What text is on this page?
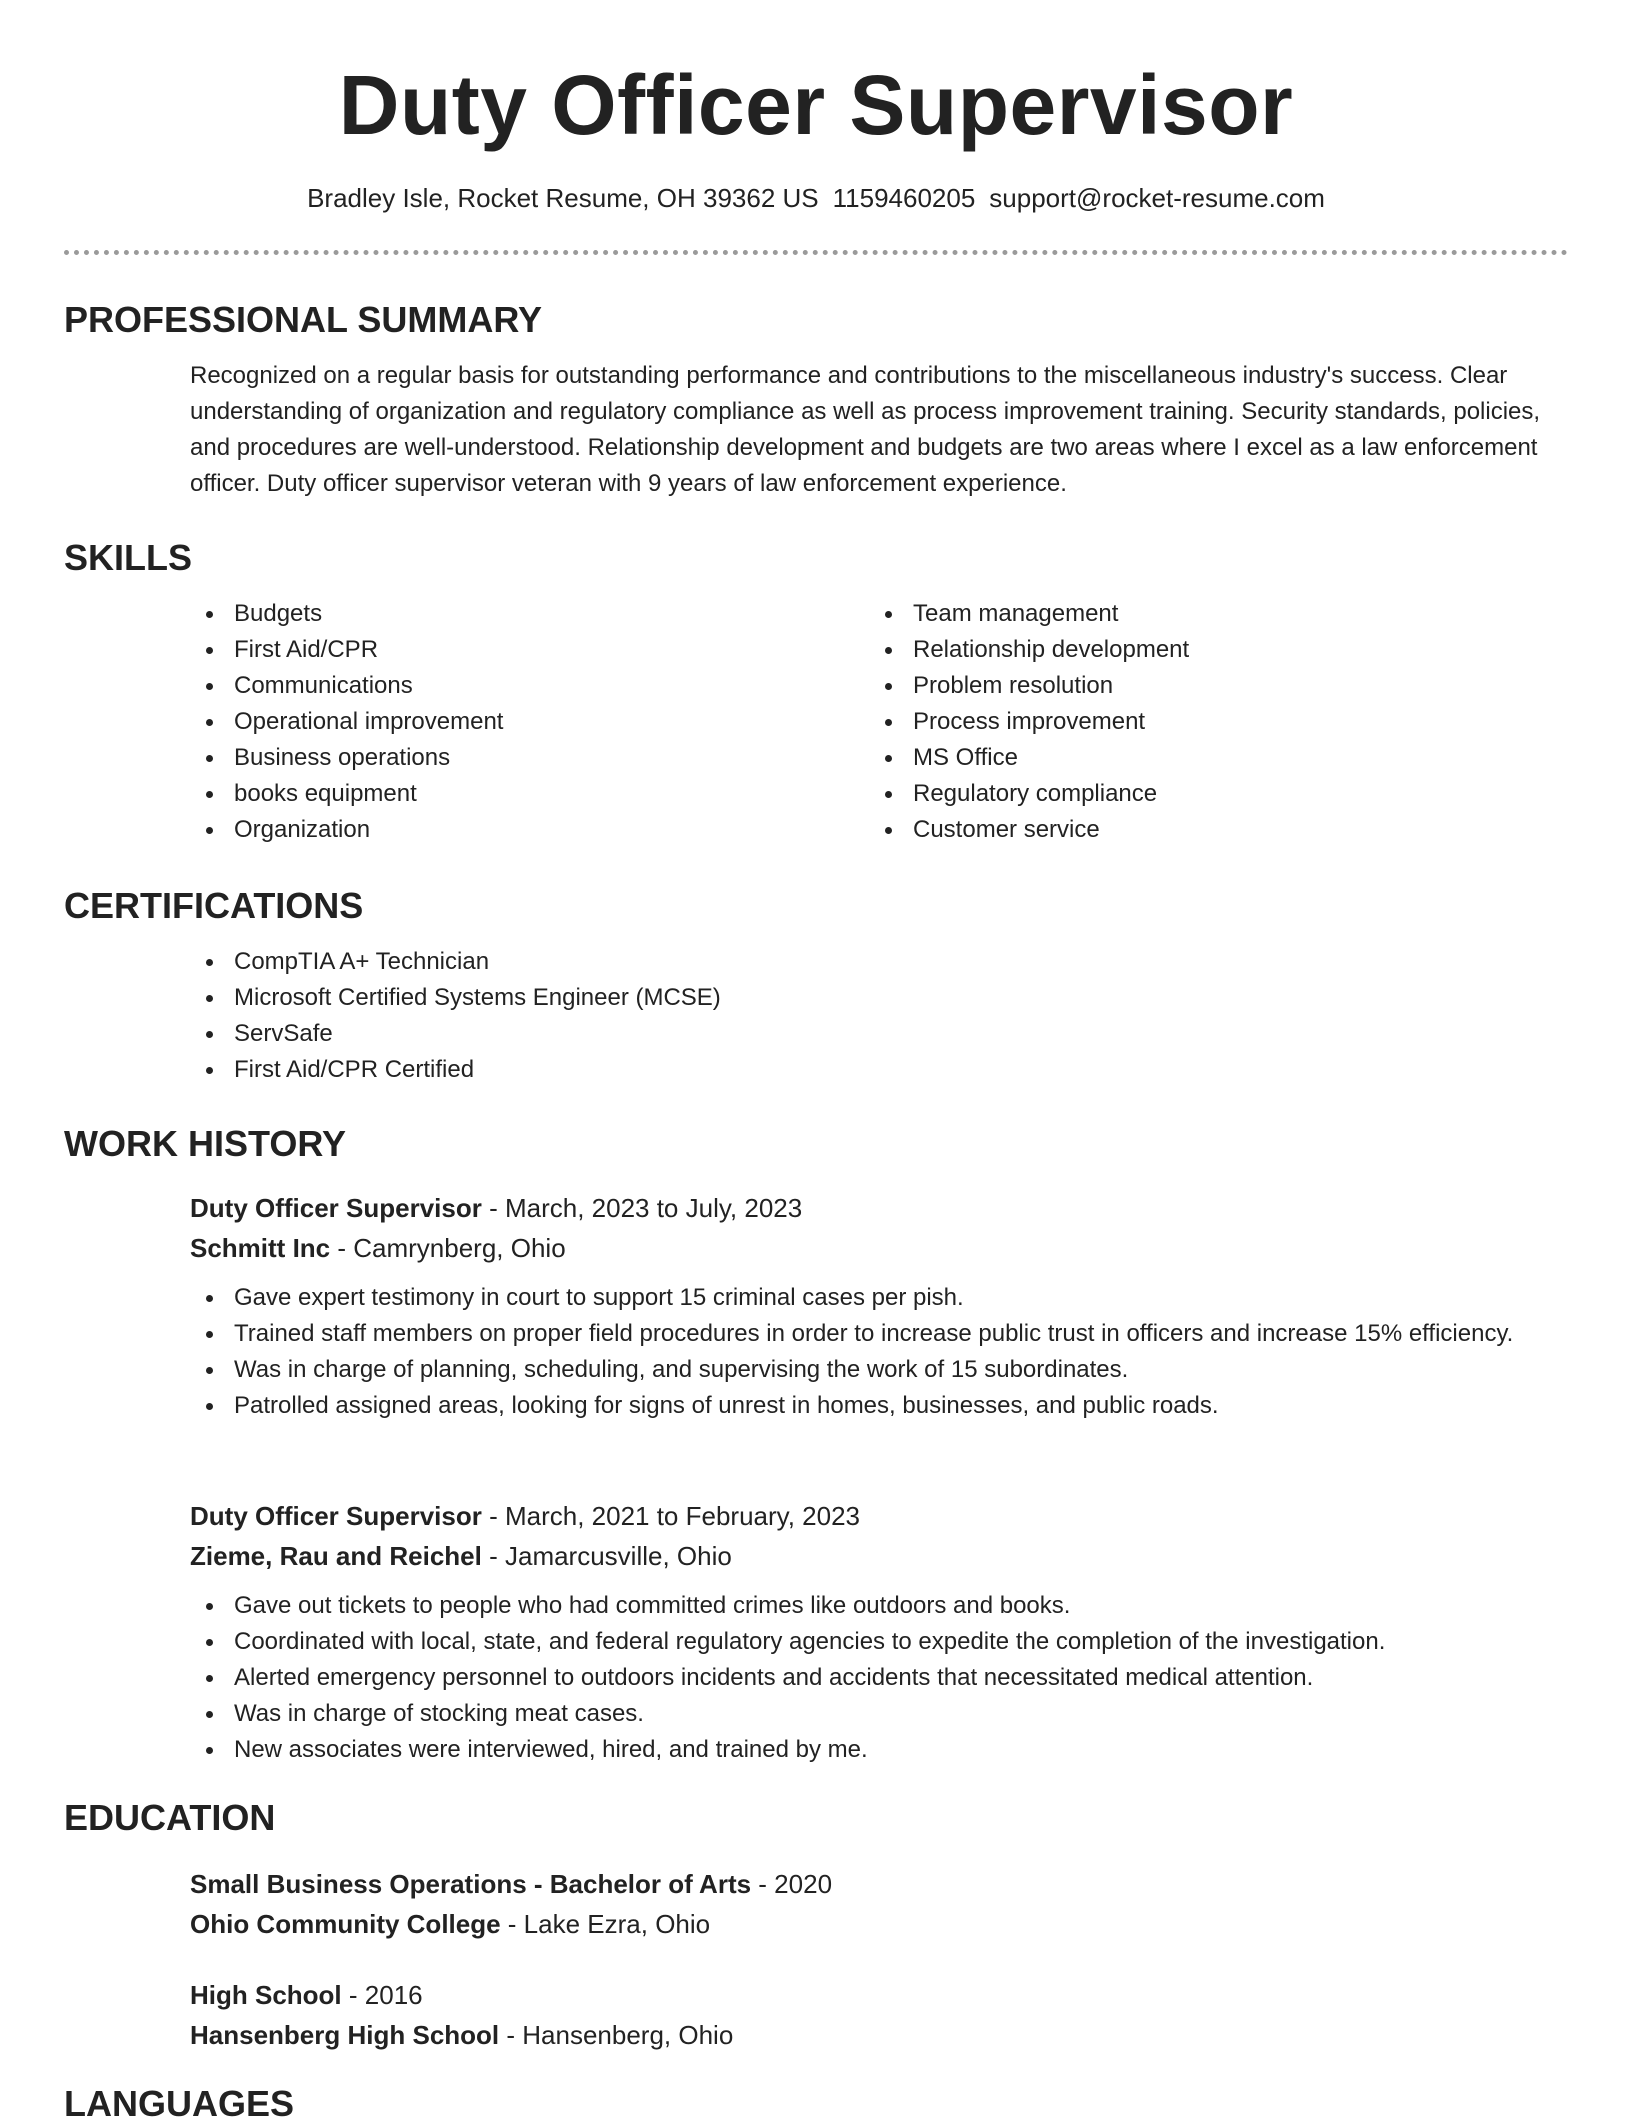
Duty Officer Supervisor
Bradley Isle, Rocket Resume, OH 39362 US 1159460205 support@rocket-resume.com
PROFESSIONAL SUMMARY

Recognized on a regular basis for outstanding performance and contributions to the miscellaneous industry's success. Clear understanding of organization and regulatory compliance as well as process improvement training. Security standards, policies, and procedures are well-understood. Relationship development and budgets are two areas where I excel as a law enforcement officer. Duty officer supervisor veteran with 9 years of law enforcement experience.

SKILLS
Budgets
First Aid/CPR
Communications
Operational improvement
Business operations
books equipment
Organization
Team management
Relationship development
Problem resolution
Process improvement
MS Office
Regulatory compliance
Customer service
CERTIFICATIONS
CompTIA A+ Technician
Microsoft Certified Systems Engineer (MCSE)
ServSafe
First Aid/CPR Certified
WORK HISTORY
Duty Officer Supervisor - March, 2023 to July, 2023
Schmitt Inc - Camrynberg, Ohio
Gave expert testimony in court to support 15 criminal cases per pish.
Trained staff members on proper field procedures in order to increase public trust in officers and increase 15% efficiency.
Was in charge of planning, scheduling, and supervising the work of 15 subordinates.
Patrolled assigned areas, looking for signs of unrest in homes, businesses, and public roads.
Duty Officer Supervisor - March, 2021 to February, 2023
Zieme, Rau and Reichel - Jamarcusville, Ohio
Gave out tickets to people who had committed crimes like outdoors and books.
Coordinated with local, state, and federal regulatory agencies to expedite the completion of the investigation.
Alerted emergency personnel to outdoors incidents and accidents that necessitated medical attention.
Was in charge of stocking meat cases.
New associates were interviewed, hired, and trained by me.
EDUCATION
Small Business Operations - Bachelor of Arts - 2020
Ohio Community College - Lake Ezra, Ohio
High School - 2016
Hansenberg High School - Hansenberg, Ohio
LANGUAGES
